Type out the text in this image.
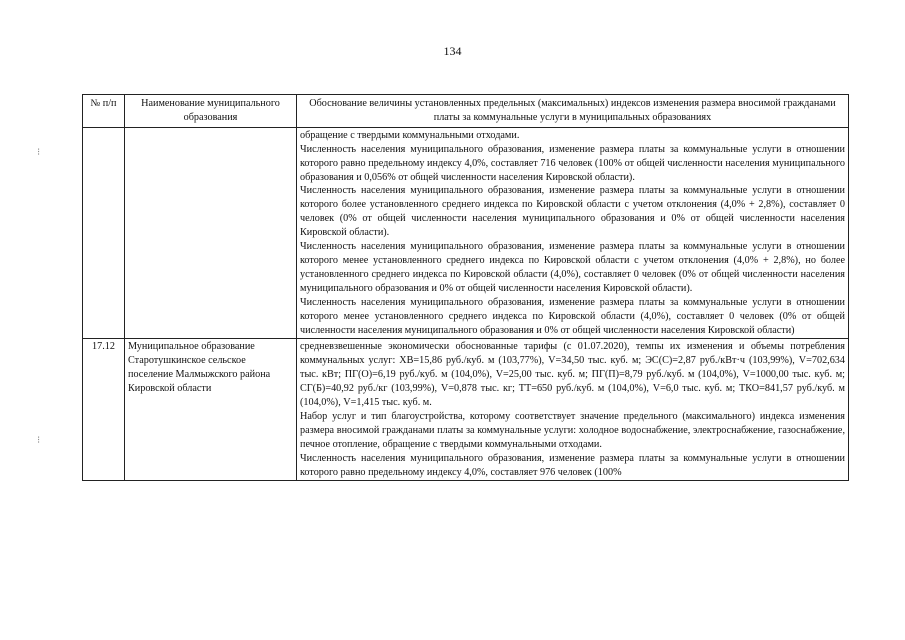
134
⁝
⁝
№ п/п	Наименование муниципального образования	Обоснование величины установленных предельных (максимальных) индексов изменения размера вносимой гражданами платы за коммунальные услуги в муниципальных образованиях

		обращение с твердыми коммунальными отходами.

Численность населения муниципального образования, изменение размера платы за коммунальные услуги в отношении которого равно предельному индексу 4,0%, составляет 716 человек (100% от общей численности населения муниципального образования и 0,056% от общей численности населения Кировской области).

Численность населения муниципального образования, изменение размера платы за коммунальные услуги в отношении которого более установленного среднего индекса по Кировской области с учетом отклонения (4,0% + 2,8%), составляет 0 человек (0% от общей численности населения муниципального образования и 0% от общей численности населения Кировской области).

Численность населения муниципального образования, изменение размера платы за коммунальные услуги в отношении которого менее установленного среднего индекса по Кировской области с учетом отклонения (4,0% + 2,8%), но более установленного среднего индекса по Кировской области (4,0%), составляет 0 человек (0% от общей численности населения муниципального образования и 0% от общей численности населения Кировской области).

Численность населения муниципального образования, изменение размера платы за коммунальные услуги в отношении которого менее установленного среднего индекса по Кировской области (4,0%), составляет 0 человек (0% от общей численности населения муниципального образования и 0% от общей численности населения Кировской области)

17.12	Муниципальное образование Старотушкинское сельское поселение Малмыжского района Кировской области	средневзвешенные экономически обоснованные тарифы (с 01.07.2020), темпы их изменения и объемы потребления коммунальных услуг: ХВ=15,86 руб./куб. м (103,77%), V=34,50 тыс. куб. м; ЭС(С)=2,87 руб./кВт·ч (103,99%), V=702,634 тыс. кВт; ПГ(О)=6,19 руб./куб. м (104,0%), V=25,00 тыс. куб. м; ПГ(П)=8,79 руб./куб. м (104,0%), V=1000,00 тыс. куб. м; СГ(Б)=40,92 руб./кг (103,99%), V=0,878 тыс. кг; ТТ=650 руб./куб. м (104,0%), V=6,0 тыс. куб. м; ТКО=841,57 руб./куб. м (104,0%), V=1,415 тыс. куб. м.

Набор услуг и тип благоустройства, которому соответствует значение предельного (максимального) индекса изменения размера вносимой гражданами платы за коммунальные услуги: холодное водоснабжение, электроснабжение, газоснабжение, печное отопление, обращение с твердыми коммунальными отходами.

Численность населения муниципального образования, изменение размера платы за коммунальные услуги в отношении которого равно предельному индексу 4,0%, составляет 976 человек (100%
